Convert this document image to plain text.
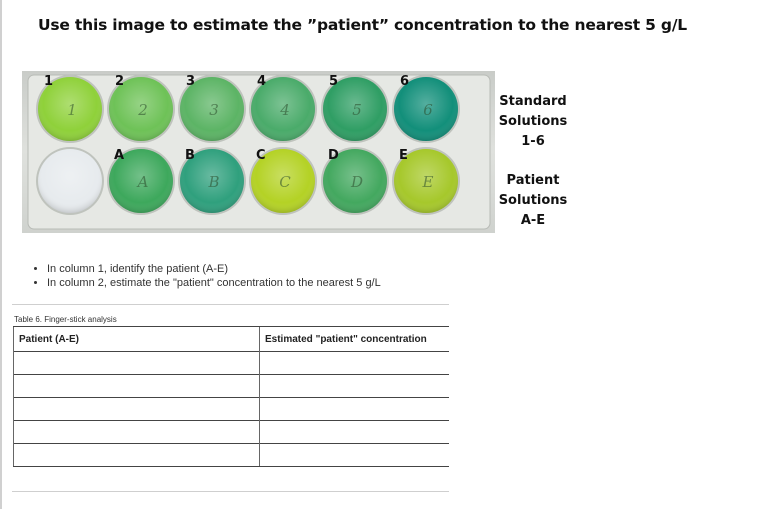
Use this image to estimate the ”patient” concentration to the nearest 5 g/L
1	2	3	4	5	6
A	B	C	D	E
1	2	3	4	5	6
A	B	C	D	E
Standard
Solutions
1-6
Patient
Solutions
A-E
• In column 1, identify the patient (A-E)
• In column 2, estimate the "patient" concentration to the nearest 5 g/L
Table 6. Finger-stick analysis
Patient (A-E)	Estimated "patient" concentration
